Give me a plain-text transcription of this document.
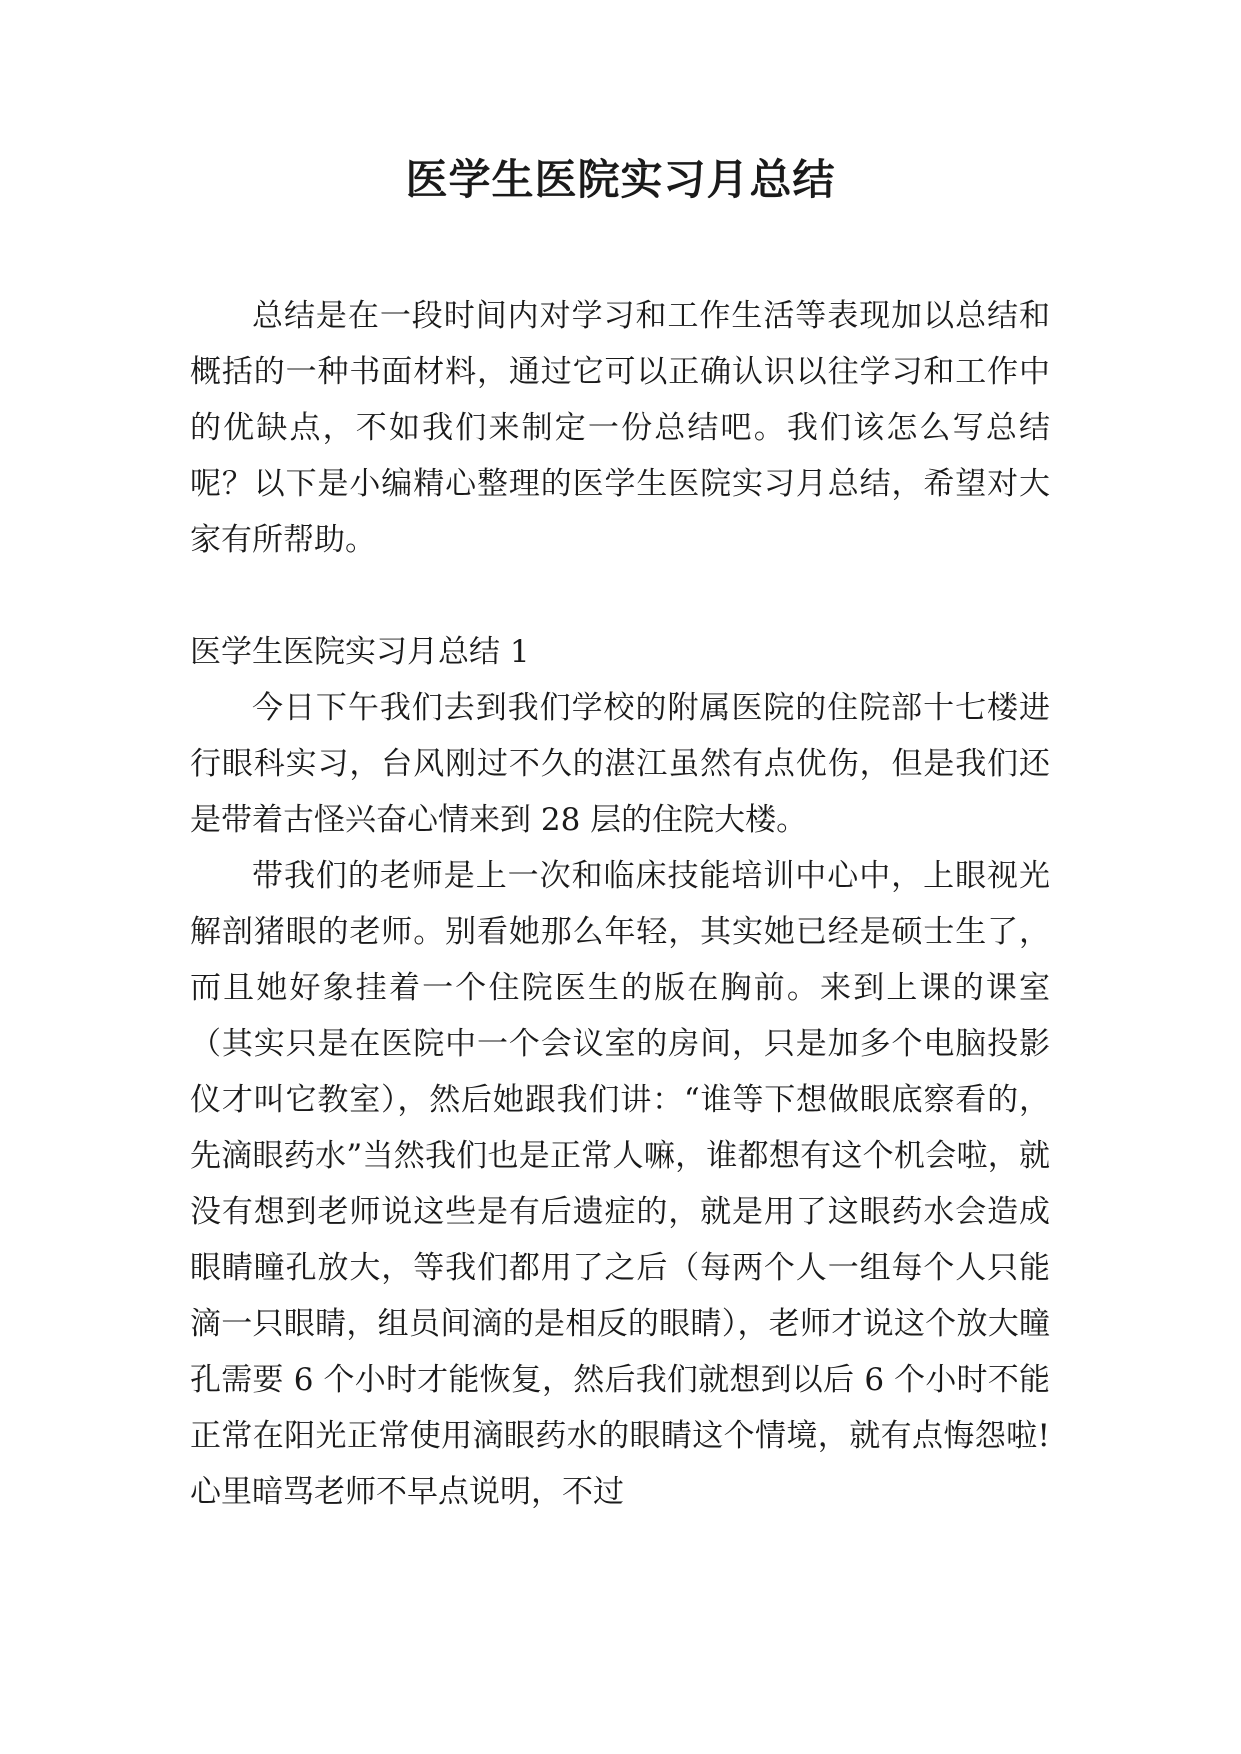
医学生医院实习月总结

总结是在一段时间内对学习和工作生活等表现加以总结和概括的一种书面材料，通过它可以正确认识以往学习和工作中的优缺点，不如我们来制定一份总结吧。我们该怎么写总结呢？以下是小编精心整理的医学生医院实习月总结，希望对大家有所帮助。

医学生医院实习月总结 1

今日下午我们去到我们学校的附属医院的住院部十七楼进行眼科实习，台风刚过不久的湛江虽然有点优伤，但是我们还是带着古怪兴奋心情来到 28 层的住院大楼。

带我们的老师是上一次和临床技能培训中心中，上眼视光解剖猪眼的老师。别看她那么年轻，其实她已经是硕士生了，而且她好象挂着一个住院医生的版在胸前。来到上课的课室（其实只是在医院中一个会议室的房间，只是加多个电脑投影仪才叫它教室），然后她跟我们讲：“谁等下想做眼底察看的，先滴眼药水”当然我们也是正常人嘛，谁都想有这个机会啦，就没有想到老师说这些是有后遗症的，就是用了这眼药水会造成眼睛瞳孔放大，等我们都用了之后（每两个人一组每个人只能滴一只眼睛，组员间滴的是相反的眼睛），老师才说这个放大瞳孔需要 6 个小时才能恢复，然后我们就想到以后 6 个小时不能正常在阳光正常使用滴眼药水的眼睛这个情境，就有点悔怨啦!心里暗骂老师不早点说明，不过
